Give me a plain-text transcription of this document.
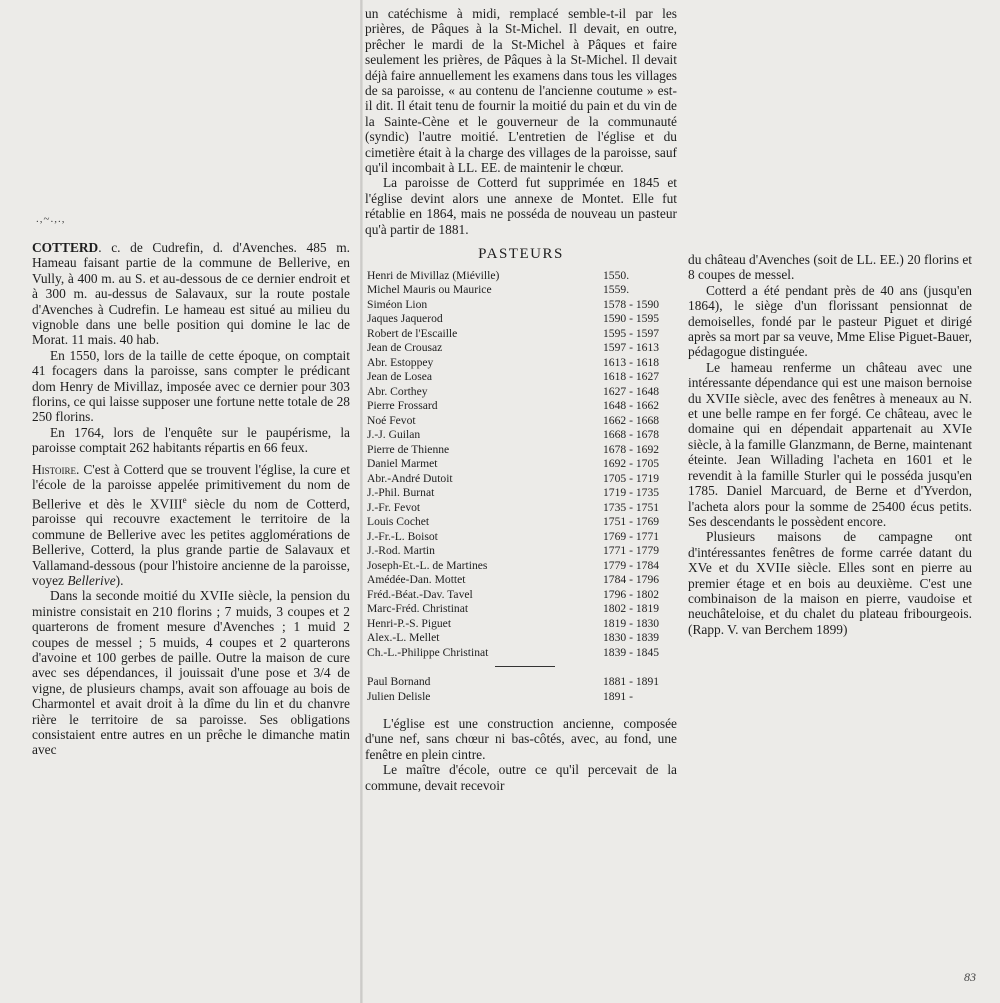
.,~.,.,

COTTERD. c. de Cudrefin, d. d'Avenches. 485 m. Hameau faisant partie de la commune de Bellerive, en Vully, à 400 m. au S. et au-dessous de ce dernier endroit et à 300 m. au-dessus de Salavaux, sur la route postale d'Avenches à Cudrefin. Le hameau est situé au milieu du vignoble dans une belle position qui domine le lac de Morat. 11 mais. 40 hab.

En 1550, lors de la taille de cette époque, on comptait 41 focagers dans la paroisse, sans compter le prédicant dom Henry de Mivillaz, imposée avec ce dernier pour 303 florins, ce qui laisse supposer une fortune nette totale de 28 250 florins.

En 1764, lors de l'enquête sur le paupérisme, la paroisse comptait 262 habitants répartis en 66 feux.

Histoire. C'est à Cotterd que se trouvent l'église, la cure et l'école de la paroisse appelée primitivement du nom de Bellerive et dès le XVIIIe siècle du nom de Cotterd, paroisse qui recouvre exactement le territoire de la commune de Bellerive avec les petites agglomérations de Bellerive, Cotterd, la plus grande partie de Salavaux et Vallamand-dessous (pour l'histoire ancienne de la paroisse, voyez Bellerive).

Dans la seconde moitié du XVIIe siècle, la pension du ministre consistait en 210 florins ; 7 muids, 3 coupes et 2 quarterons de froment mesure d'Avenches ; 1 muid 2 coupes de messel ; 5 muids, 4 coupes et 2 quarterons d'avoine et 100 gerbes de paille. Outre la maison de cure avec ses dépendances, il jouissait d'une pose et 3/4 de vigne, de plusieurs champs, avait son affouage au bois de Charmontel et avait droit à la dîme du lin et du chanvre rière le territoire de sa paroisse. Ses obligations consistaient entre autres en un prêche le dimanche matin avec

un catéchisme à midi, remplacé semble-t-il par les prières, de Pâques à la St-Michel. Il devait, en outre, prêcher le mardi de la St-Michel à Pâques et faire seulement les prières, de Pâques à la St-Michel. Il devait déjà faire annuellement les examens dans tous les villages de sa paroisse, « au contenu de l'ancienne coutume » est-il dit. Il était tenu de fournir la moitié du pain et du vin de la Sainte-Cène et le gouverneur de la communauté (syndic) l'autre moitié. L'entretien de l'église et du cimetière était à la charge des villages de la paroisse, sauf qu'il incombait à LL. EE. de maintenir le chœur.

La paroisse de Cotterd fut supprimée en 1845 et l'église devint alors une annexe de Montet. Elle fut rétablie en 1864, mais ne posséda de nouveau un pasteur qu'à partir de 1881.

PASTEURS
Henri de Mivillaz (Miéville)	1550.
Michel Mauris ou Maurice	1559.
Siméon Lion	1578 - 1590
Jaques Jaquerod	1590 - 1595
Robert de l'Escaille	1595 - 1597
Jean de Crousaz	1597 - 1613
Abr. Estoppey	1613 - 1618
Jean de Losea	1618 - 1627
Abr. Corthey	1627 - 1648
Pierre Frossard	1648 - 1662
Noé Fevot	1662 - 1668
J.-J. Guilan	1668 - 1678
Pierre de Thienne	1678 - 1692
Daniel Marmet	1692 - 1705
Abr.-André Dutoit	1705 - 1719
J.-Phil. Burnat	1719 - 1735
J.-Fr. Fevot	1735 - 1751
Louis Cochet	1751 - 1769
J.-Fr.-L. Boisot	1769 - 1771
J.-Rod. Martin	1771 - 1779
Joseph-Et.-L. de Martines	1779 - 1784
Amédée-Dan. Mottet	1784 - 1796
Fréd.-Béat.-Dav. Tavel	1796 - 1802
Marc-Fréd. Christinat	1802 - 1819
Henri-P.-S. Piguet	1819 - 1830
Alex.-L. Mellet	1830 - 1839
Ch.-L.-Philippe Christinat	1839 - 1845
Paul Bornand	1881 - 1891
Julien Delisle	1891 -

L'église est une construction ancienne, composée d'une nef, sans chœur ni bas-côtés, avec, au fond, une fenêtre en plein cintre.

Le maître d'école, outre ce qu'il percevait de la commune, devait recevoir

du château d'Avenches (soit de LL. EE.) 20 florins et 8 coupes de messel.

Cotterd a été pendant près de 40 ans (jusqu'en 1864), le siège d'un florissant pensionnat de demoiselles, fondé par le pasteur Piguet et dirigé après sa mort par sa veuve, Mme Elise Piguet-Bauer, pédagogue distinguée.

Le hameau renferme un château avec une intéressante dépendance qui est une maison bernoise du XVIIe siècle, avec des fenêtres à meneaux au N. et une belle rampe en fer forgé. Ce château, avec le domaine qui en dépendait appartenait au XVIe siècle, à la famille Glanzmann, de Berne, maintenant éteinte. Jean Willading l'acheta en 1601 et le revendit à la famille Sturler qui le posséda jusqu'en 1785. Daniel Marcuard, de Berne et d'Yverdon, l'acheta alors pour la somme de 25400 écus petits. Ses descendants le possèdent encore.

Plusieurs maisons de campagne ont d'intéressantes fenêtres de forme carrée datant du XVe et du XVIIe siècle. Elles sont en pierre au premier étage et en bois au deuxième. C'est une combinaison de la maison en pierre, vaudoise et neuchâteloise, et du chalet du plateau fribourgeois. (Rapp. V. van Berchem 1899)

83
